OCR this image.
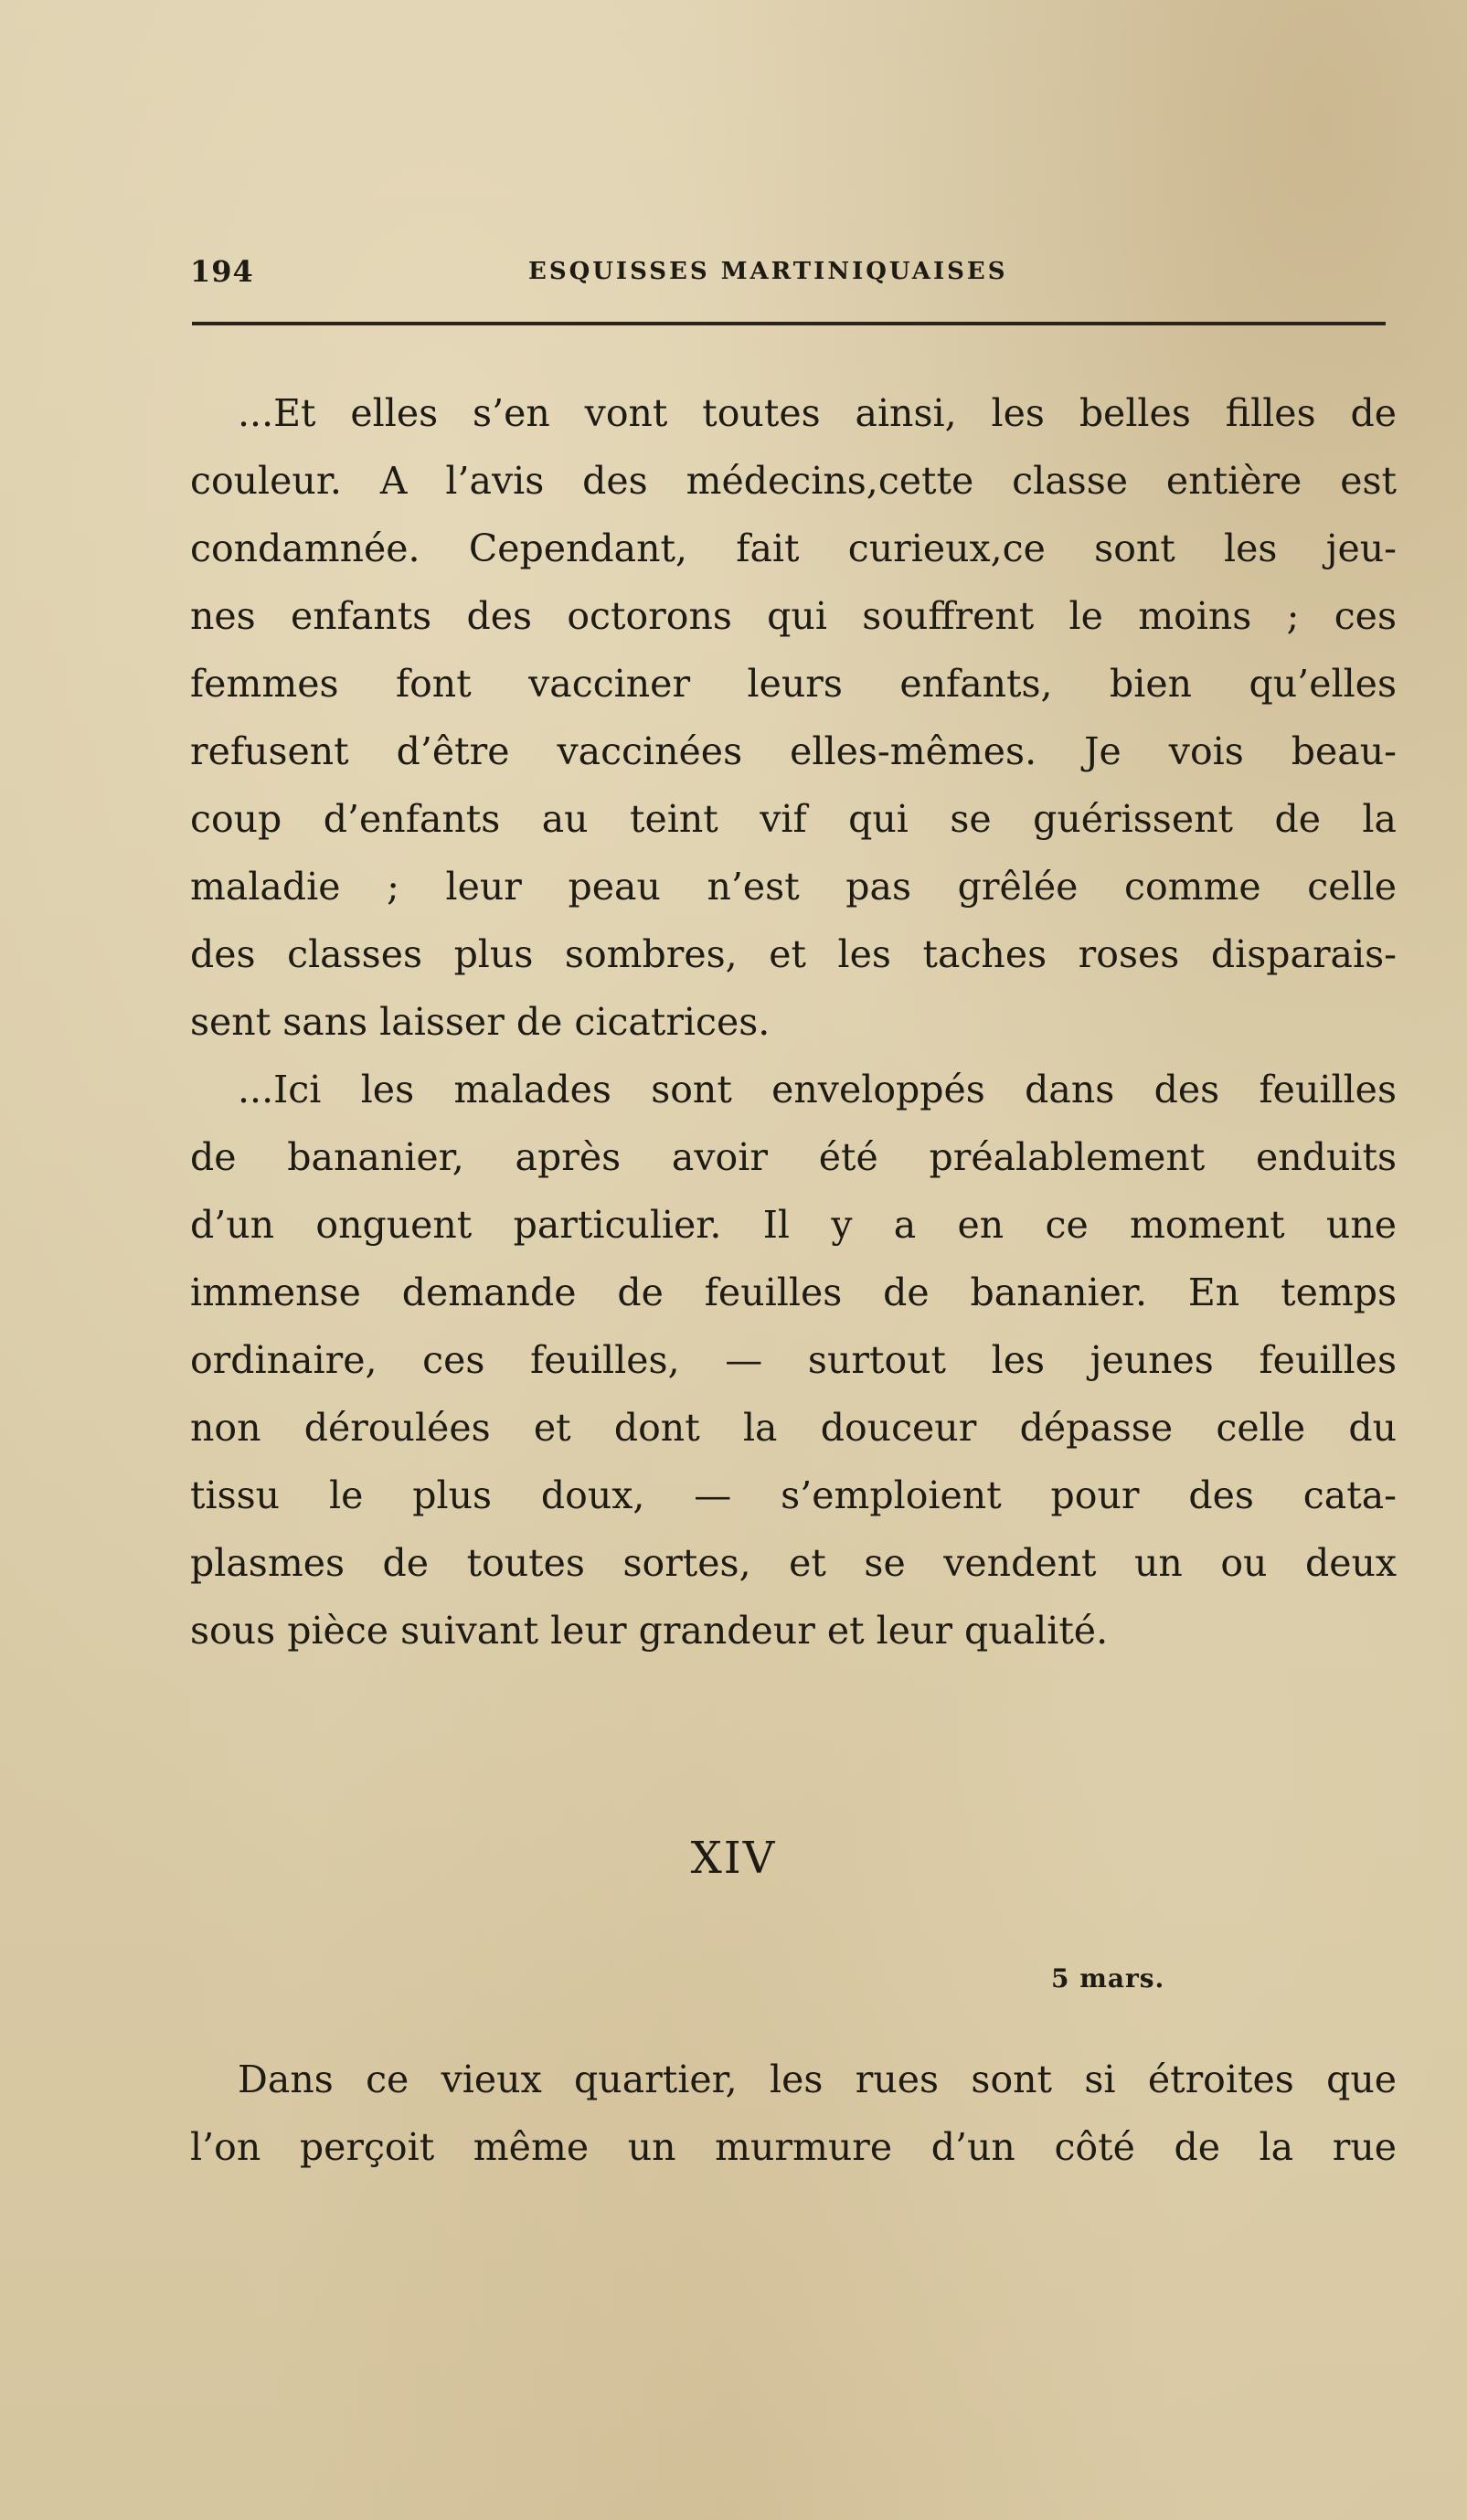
194	ESQUISSES MARTINIQUAISES
...Et elles s’en vont toutes ainsi, les belles filles de
couleur. A l’avis des médecins,cette classe entière est
condamnée. Cependant, fait curieux,ce sont les jeu-
nes enfants des octorons qui souffrent le moins ; ces
femmes font vacciner leurs enfants, bien qu’elles
refusent d’être vaccinées elles-mêmes. Je vois beau-
coup d’enfants au teint vif qui se guérissent de la
maladie ; leur peau n’est pas grêlée comme celle
des classes plus sombres, et les taches roses disparais-
sent sans laisser de cicatrices.
...Ici les malades sont enveloppés dans des feuilles
de bananier, après avoir été préalablement enduits
d’un onguent particulier. Il y a en ce moment une
immense demande de feuilles de bananier. En temps
ordinaire, ces feuilles, — surtout les jeunes feuilles
non déroulées et dont la douceur dépasse celle du
tissu le plus doux, — s’emploient pour des cata-
plasmes de toutes sortes, et se vendent un ou deux
sous pièce suivant leur grandeur et leur qualité.
XIV
5 mars.
Dans ce vieux quartier, les rues sont si étroites que
l’on perçoit même un murmure d’un côté de la rue
